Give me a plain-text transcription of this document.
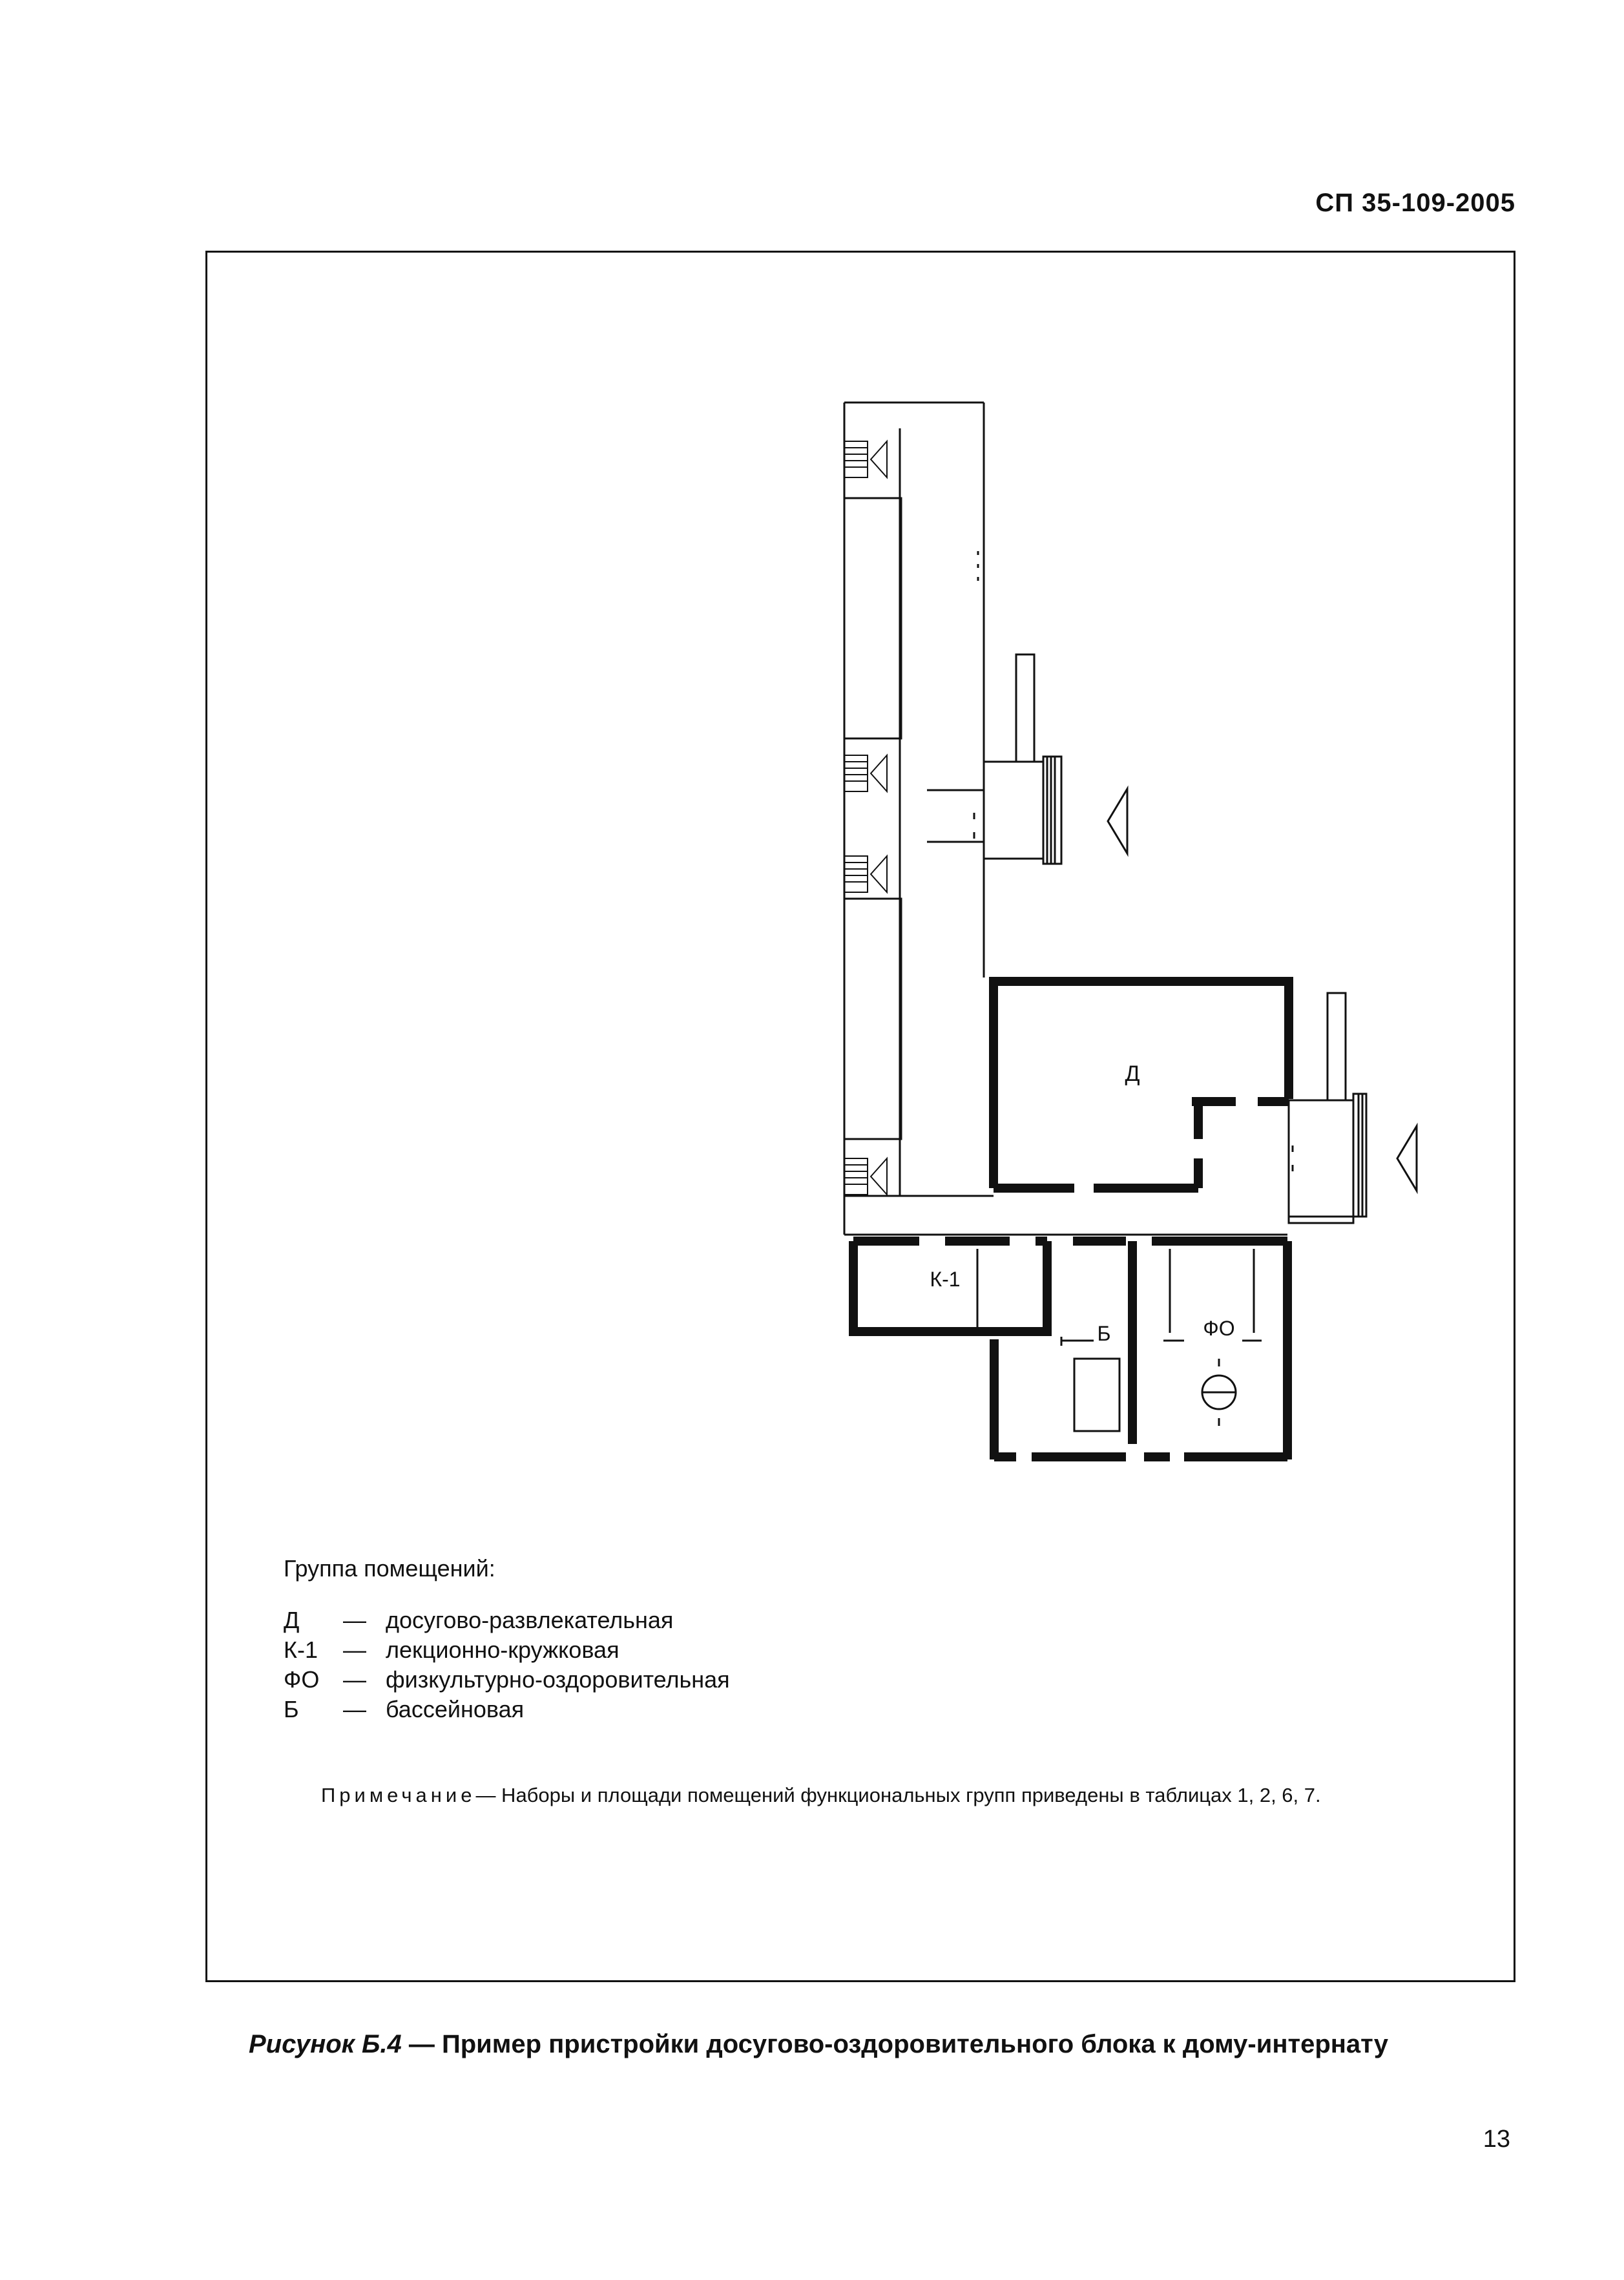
СП 35-109-2005
Д
К-1
Б	ФО
Группа помещений:
Д	— досугово-развлекательная
К-1	— лекционно-кружковая
ФО	— физкультурно-оздоровительная
Б	— бассейновая
Примечание— Наборы и площади помещений функциональных групп приведены в таблицах 1, 2, 6, 7.
Рисунок Б.4 — Пример пристройки досугово-оздоровительного блока к дому-интернату
13
